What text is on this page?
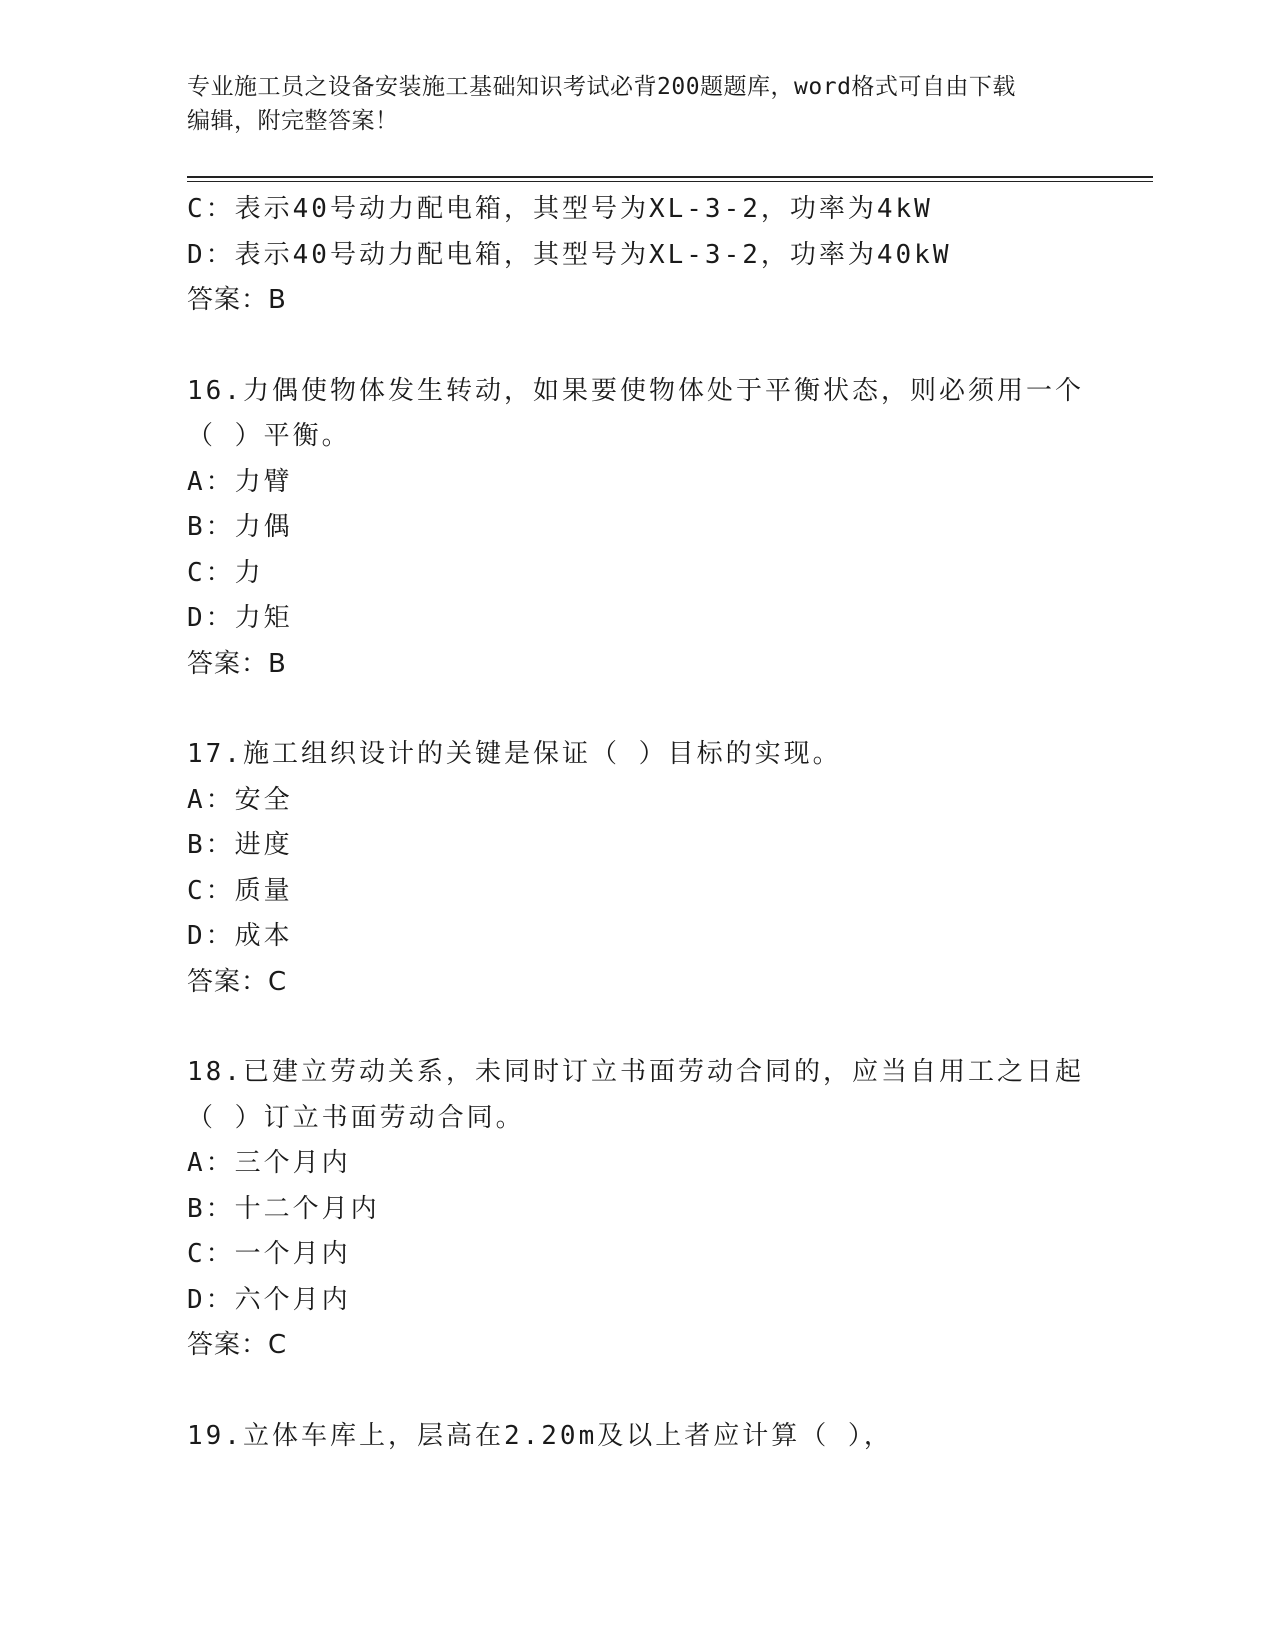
专业施工员之设备安装施工基础知识考试必背200题题库，word格式可自由下载
编辑，附完整答案！
C：表示40号动力配电箱，其型号为XL-3-2，功率为4kW
D：表示40号动力配电箱，其型号为XL-3-2，功率为40kW
答案：B
16.力偶使物体发生转动，如果要使物体处于平衡状态，则必须用一个
（ ）平衡。
A：力臂
B：力偶
C：力
D：力矩
答案：B
17.施工组织设计的关键是保证（ ）目标的实现。
A：安全
B：进度
C：质量
D：成本
答案：C
18.已建立劳动关系，未同时订立书面劳动合同的，应当自用工之日起
（ ）订立书面劳动合同。
A：三个月内
B：十二个月内
C：一个月内
D：六个月内
答案：C
19.立体车库上，层高在2.20m及以上者应计算（ ），
